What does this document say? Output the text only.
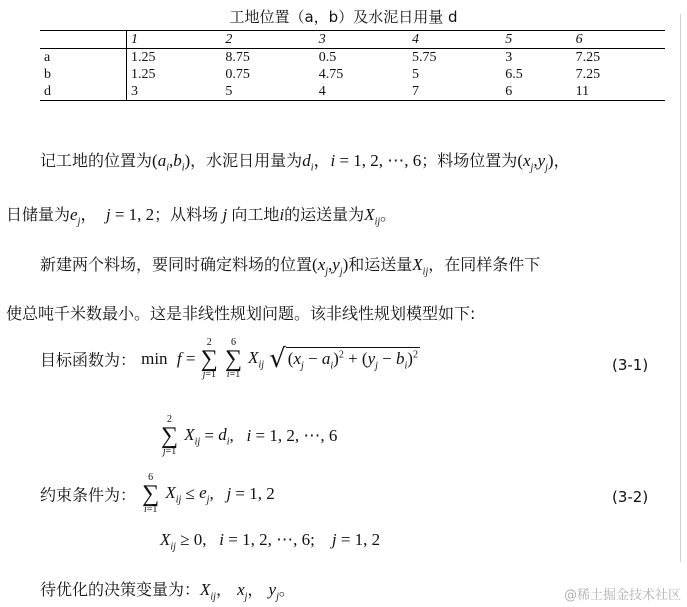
工地位置（a，b）及水泥日用量 d
	1	2	3	4	5	6
a	1.25	8.75	0.5	5.75	3	7.25
b	1.25	0.75	4.75	5	6.5	7.25
d	3	5	4	7	6	11
记工地的位置为$(a_i,b_i)$，水泥日用量为$d_i$，i = 1, 2, ⋯, 6；料场位置为$(x_j,y_j)$，
日储量为$e_j$，  j = 1, 2；从料场 j 向工地i的运送量为$X_{ij}$。
新建两个料场，要同时确定料场的位置$(x_j,y_j)$和运送量$X_{ij}$，在同样条件下
使总吨千米数最小。这是非线性规划问题。该非线性规划模型如下:
目标函数为： min  f =
2
∑
j=1

6
∑
i=1
$X_{ij}$ √ $(x_j - a_i)^2 + (y_j - b_i)^2$
(3-1)
2
∑
j=1
$X_{ij} = d_i$,   i = 1, 2, ⋯, 6
约束条件为：
6
∑
i=1
$X_{ij} \le e_j$,   j = 1, 2	(3-2)
$X_{ij} \ge 0$,   i = 1, 2, ⋯, 6;    j = 1, 2
待优化的决策变量为：$X_{ij}$， $x_j$， $y_j$。	@稀土掘金技术社区
